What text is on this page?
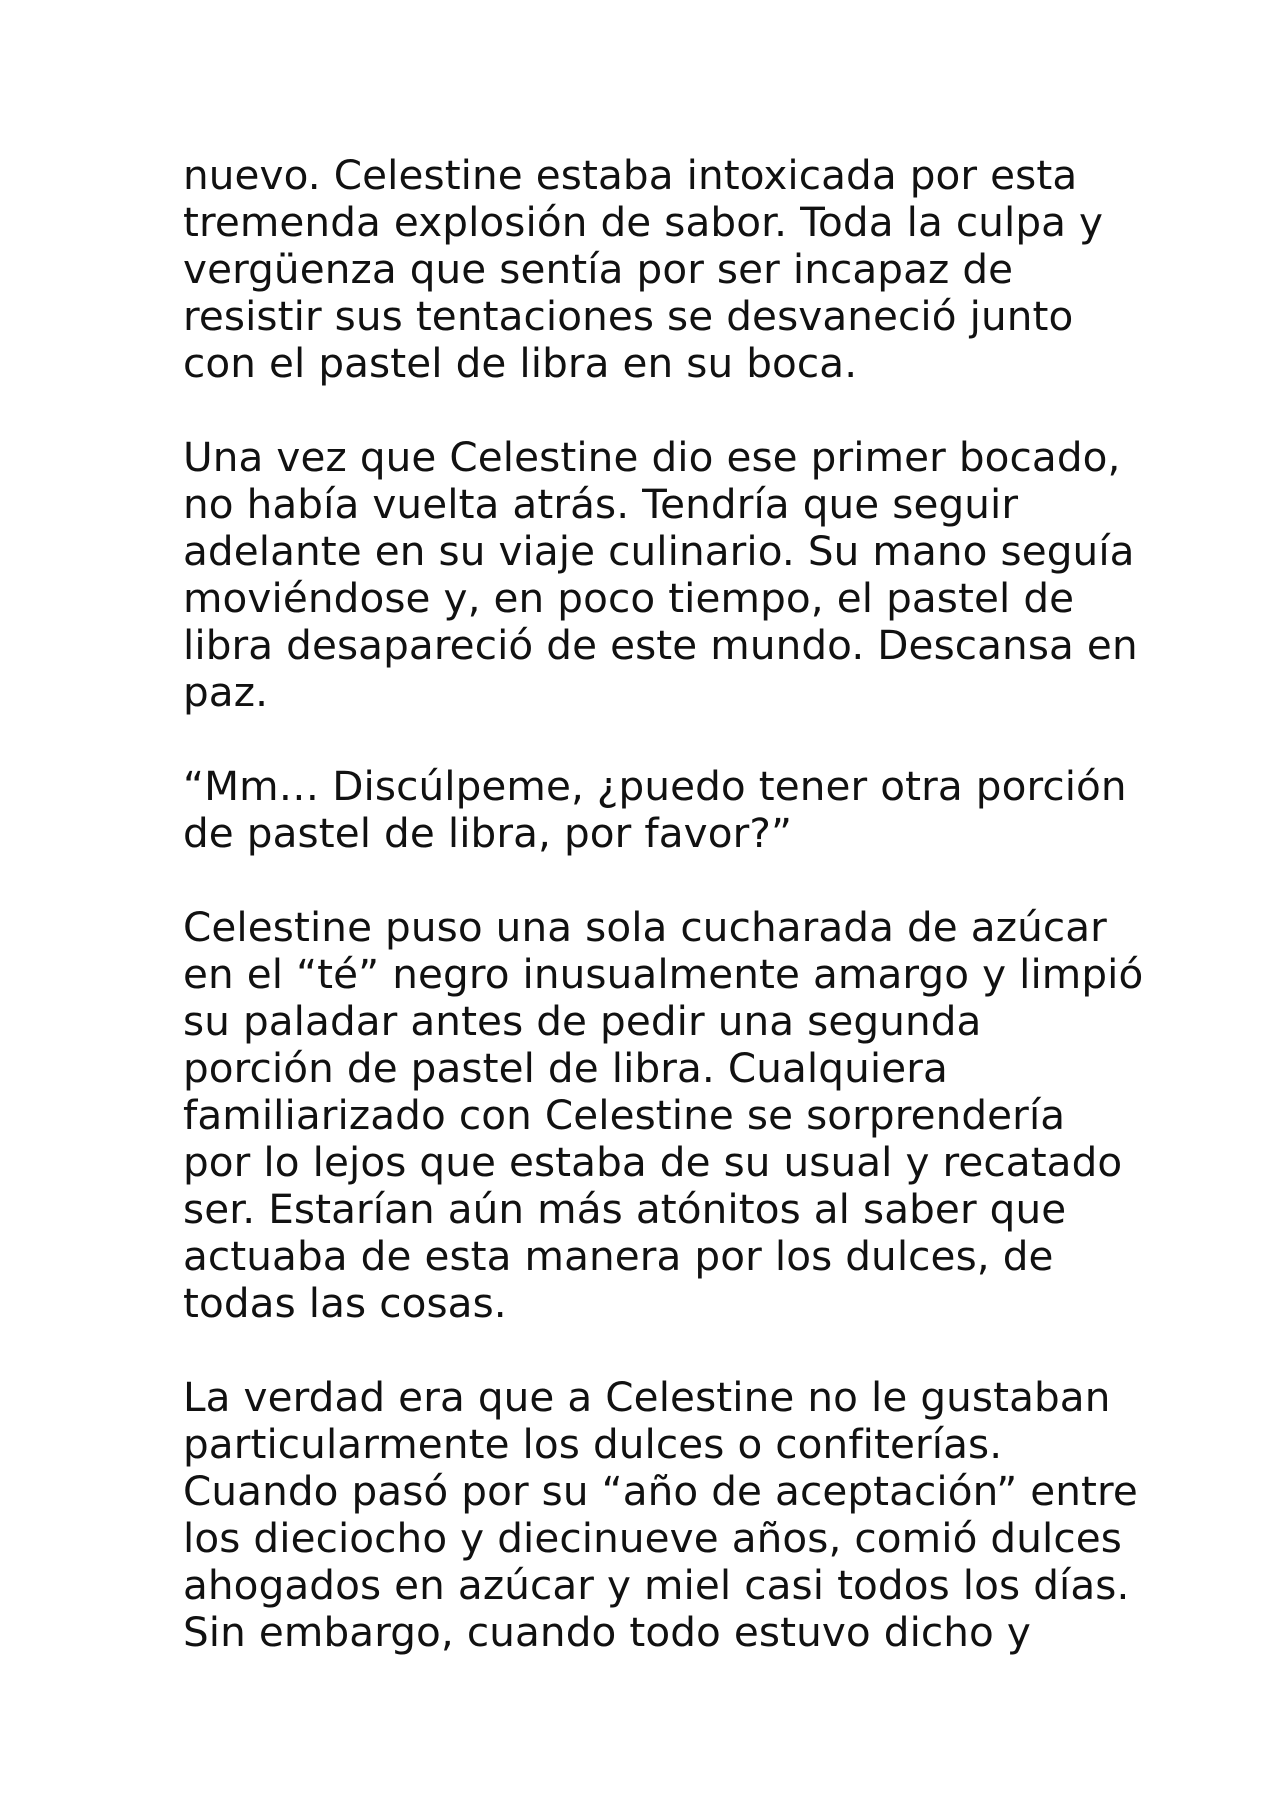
nuevo. Celestine estaba intoxicada por esta
tremenda explosión de sabor. Toda la culpa y
vergüenza que sentía por ser incapaz de
resistir sus tentaciones se desvaneció junto
con el pastel de libra en su boca.
Una vez que Celestine dio ese primer bocado,
no había vuelta atrás. Tendría que seguir
adelante en su viaje culinario. Su mano seguía
moviéndose y, en poco tiempo, el pastel de
libra desapareció de este mundo. Descansa en
paz.
“Mm… Discúlpeme, ¿puedo tener otra porción
de pastel de libra, por favor?”
Celestine puso una sola cucharada de azúcar
en el “té” negro inusualmente amargo y limpió
su paladar antes de pedir una segunda
porción de pastel de libra. Cualquiera
familiarizado con Celestine se sorprendería
por lo lejos que estaba de su usual y recatado
ser. Estarían aún más atónitos al saber que
actuaba de esta manera por los dulces, de
todas las cosas.
La verdad era que a Celestine no le gustaban
particularmente los dulces o confiterías.
Cuando pasó por su “año de aceptación” entre
los dieciocho y diecinueve años, comió dulces
ahogados en azúcar y miel casi todos los días.
Sin embargo, cuando todo estuvo dicho y
